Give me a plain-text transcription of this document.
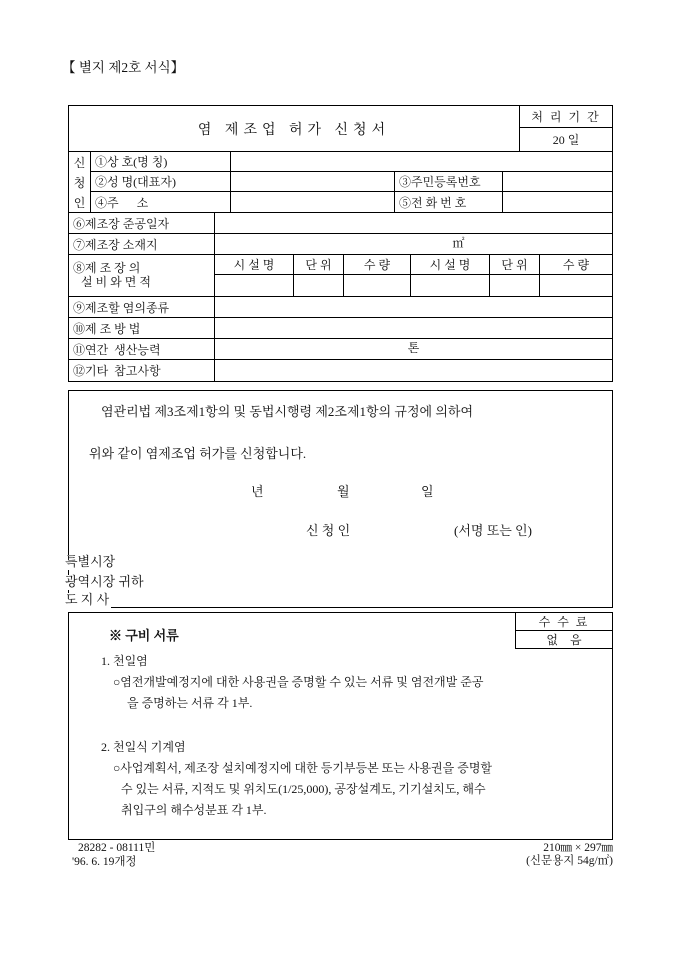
【 별지 제2호 서식】
염 제조업 허가 신청서
처 리 기 간
20 일
신
청
인
①상 호(명 칭)
②성 명(대표자)	③주민등록번호
④주      소	⑤전 화 번 호
⑥제조장 준공일자
⑦제조장 소재지	㎡
⑧제 조 장 의
설 비 와 면 적
시 설 명	단 위	수 량	시 설 명	단 위	수 량
⑨제조할 염의종류
⑩제 조 방 법
⑪연간  생산능력	톤
⑫기타  참고사항
염관리법 제3조제1항의 및 동법시행령 제2조제1항의 규정에 의하여
위와 같이 염제조업 허가를 신청합니다.
년	월	일
신 청 인	(서명 또는 인)
특별시장
광역시장 귀하
도 지 사
수 수 료
없    음
※ 구비 서류
1. 천일염
○염전개발예정지에 대한 사용권을 증명할 수 있는 서류 및 염전개발 준공
을 증명하는 서류 각 1부.
2. 천일식 기계염
○사업계획서, 제조장 설치예정지에 대한 등기부등본 또는 사용권을 증명할
수 있는 서류, 지적도 및 위치도(1/25,000), 공장설계도, 기기설치도, 해수
취입구의 해수성분표 각 1부.
28282 - 08111민
'96. 6. 19개정
210㎜ × 297㎜
(신문용지 54g/㎡)
